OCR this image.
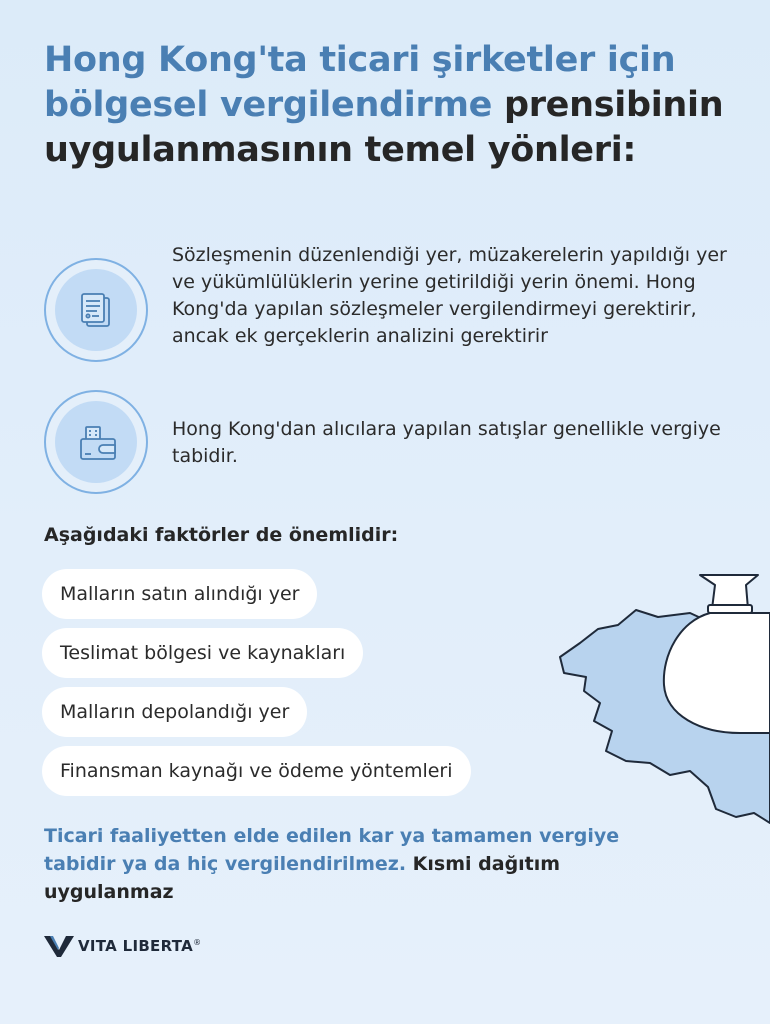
Hong Kong'ta ticari şirketler için bölgesel vergilendirme prensibinin uygulanmasının temel yönleri:

Sözleşmenin düzenlendiği yer, müzakerelerin yapıldığı yer ve yükümlülüklerin yerine getirildiği yerin önemi. Hong Kong'da yapılan sözleşmeler vergilendirmeyi gerektirir, ancak ek gerçeklerin analizini gerektirir

Hong Kong'dan alıcılara yapılan satışlar genellikle vergiye tabidir.

Aşağıdaki faktörler de önemlidir:
Malların satın alındığı yer
Teslimat bölgesi ve kaynakları
Malların depolandığı yer
Finansman kaynağı ve ödeme yöntemleri

Ticari faaliyetten elde edilen kar ya tamamen vergiye tabidir ya da hiç vergilendirilmez. Kısmi dağıtım uygulanmaz

VITA LIBERTA®
